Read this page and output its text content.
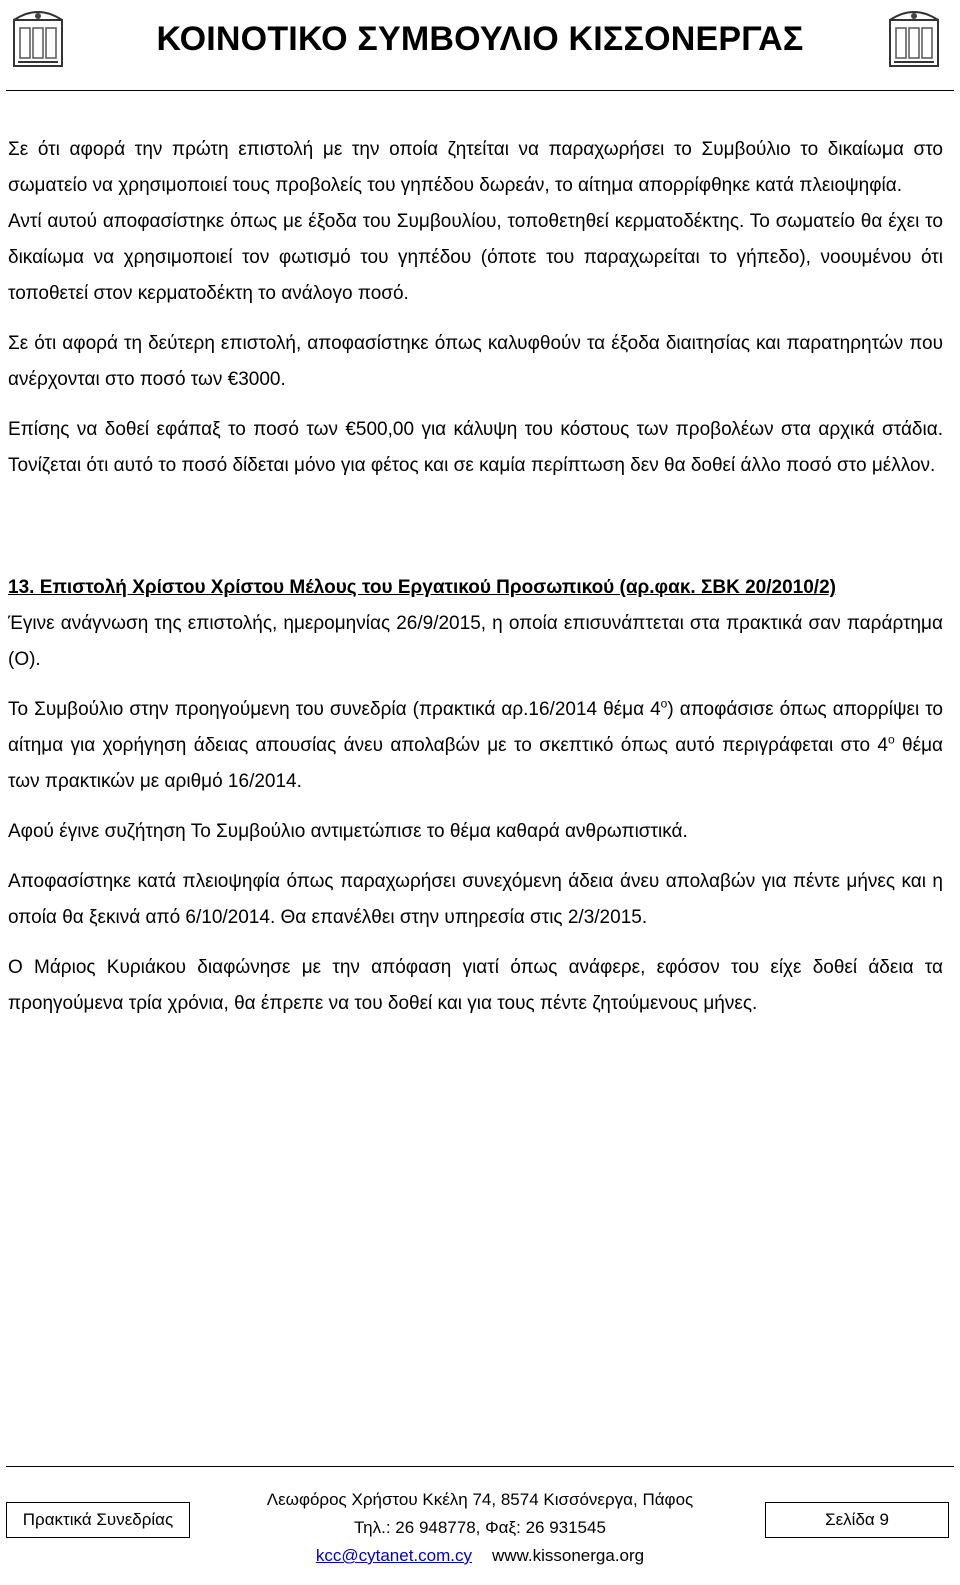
ΚΟΙΝΟΤΙΚΟ ΣΥΜΒΟΥΛΙΟ ΚΙΣΣΟΝΕΡΓΑΣ

Σε ότι αφορά την πρώτη επιστολή με την οποία ζητείται να παραχωρήσει το Συμβούλιο το δικαίωμα στο σωματείο να χρησιμοποιεί τους προβολείς του γηπέδου δωρεάν, το αίτημα απορρίφθηκε κατά πλειοψηφία.

Αντί αυτού αποφασίστηκε όπως με έξοδα του Συμβουλίου, τοποθετηθεί κερματοδέκτης. Το σωματείο θα έχει το δικαίωμα να χρησιμοποιεί τον φωτισμό του γηπέδου (όποτε του παραχωρείται το γήπεδο), νοουμένου ότι τοποθετεί στον κερματοδέκτη το ανάλογο ποσό.

Σε ότι αφορά τη δεύτερη επιστολή, αποφασίστηκε όπως καλυφθούν τα έξοδα διαιτησίας και παρατηρητών που ανέρχονται στο ποσό των €3000.

Επίσης να δοθεί εφάπαξ το ποσό των €500,00 για κάλυψη του κόστους των προβολέων στα αρχικά στάδια. Τονίζεται ότι αυτό το ποσό δίδεται μόνο για φέτος και σε καμία περίπτωση δεν θα δοθεί άλλο ποσό στο μέλλον.

13. Επιστολή Χρίστου Χρίστου Μέλους του Εργατικού Προσωπικού (αρ.φακ. ΣΒΚ 20/2010/2)

Έγινε ανάγνωση της επιστολής, ημερομηνίας 26/9/2015, η οποία επισυνάπτεται στα πρακτικά σαν παράρτημα (Ο).

Το Συμβούλιο στην προηγούμενη του συνεδρία (πρακτικά αρ.16/2014 θέμα $4^o$) αποφάσισε όπως απορρίψει το αίτημα για χορήγηση άδειας απουσίας άνευ απολαβών με το σκεπτικό όπως αυτό περιγράφεται στο $4^o$ θέμα των πρακτικών με αριθμό 16/2014.

Αφού έγινε συζήτηση Το Συμβούλιο αντιμετώπισε το θέμα καθαρά ανθρωπιστικά.

Αποφασίστηκε κατά πλειοψηφία όπως παραχωρήσει συνεχόμενη άδεια άνευ απολαβών για πέντε μήνες και η οποία θα ξεκινά από 6/10/2014. Θα επανέλθει στην υπηρεσία στις 2/3/2015.

Ο Μάριος Κυριάκου διαφώνησε με την απόφαση γιατί όπως ανάφερε, εφόσον του είχε δοθεί άδεια τα προηγούμενα τρία χρόνια, θα έπρεπε να του δοθεί και για τους πέντε ζητούμενους μήνες.

Πρακτικά Συνεδρίας
Λεωφόρος Χρήστου Κκέλη 74, 8574 Κισσόνεργα, Πάφος
Τηλ.: 26 948778, Φαξ: 26 931545
kcc@cytanet.com.cy www.kissonerga.org
Σελίδα 9
